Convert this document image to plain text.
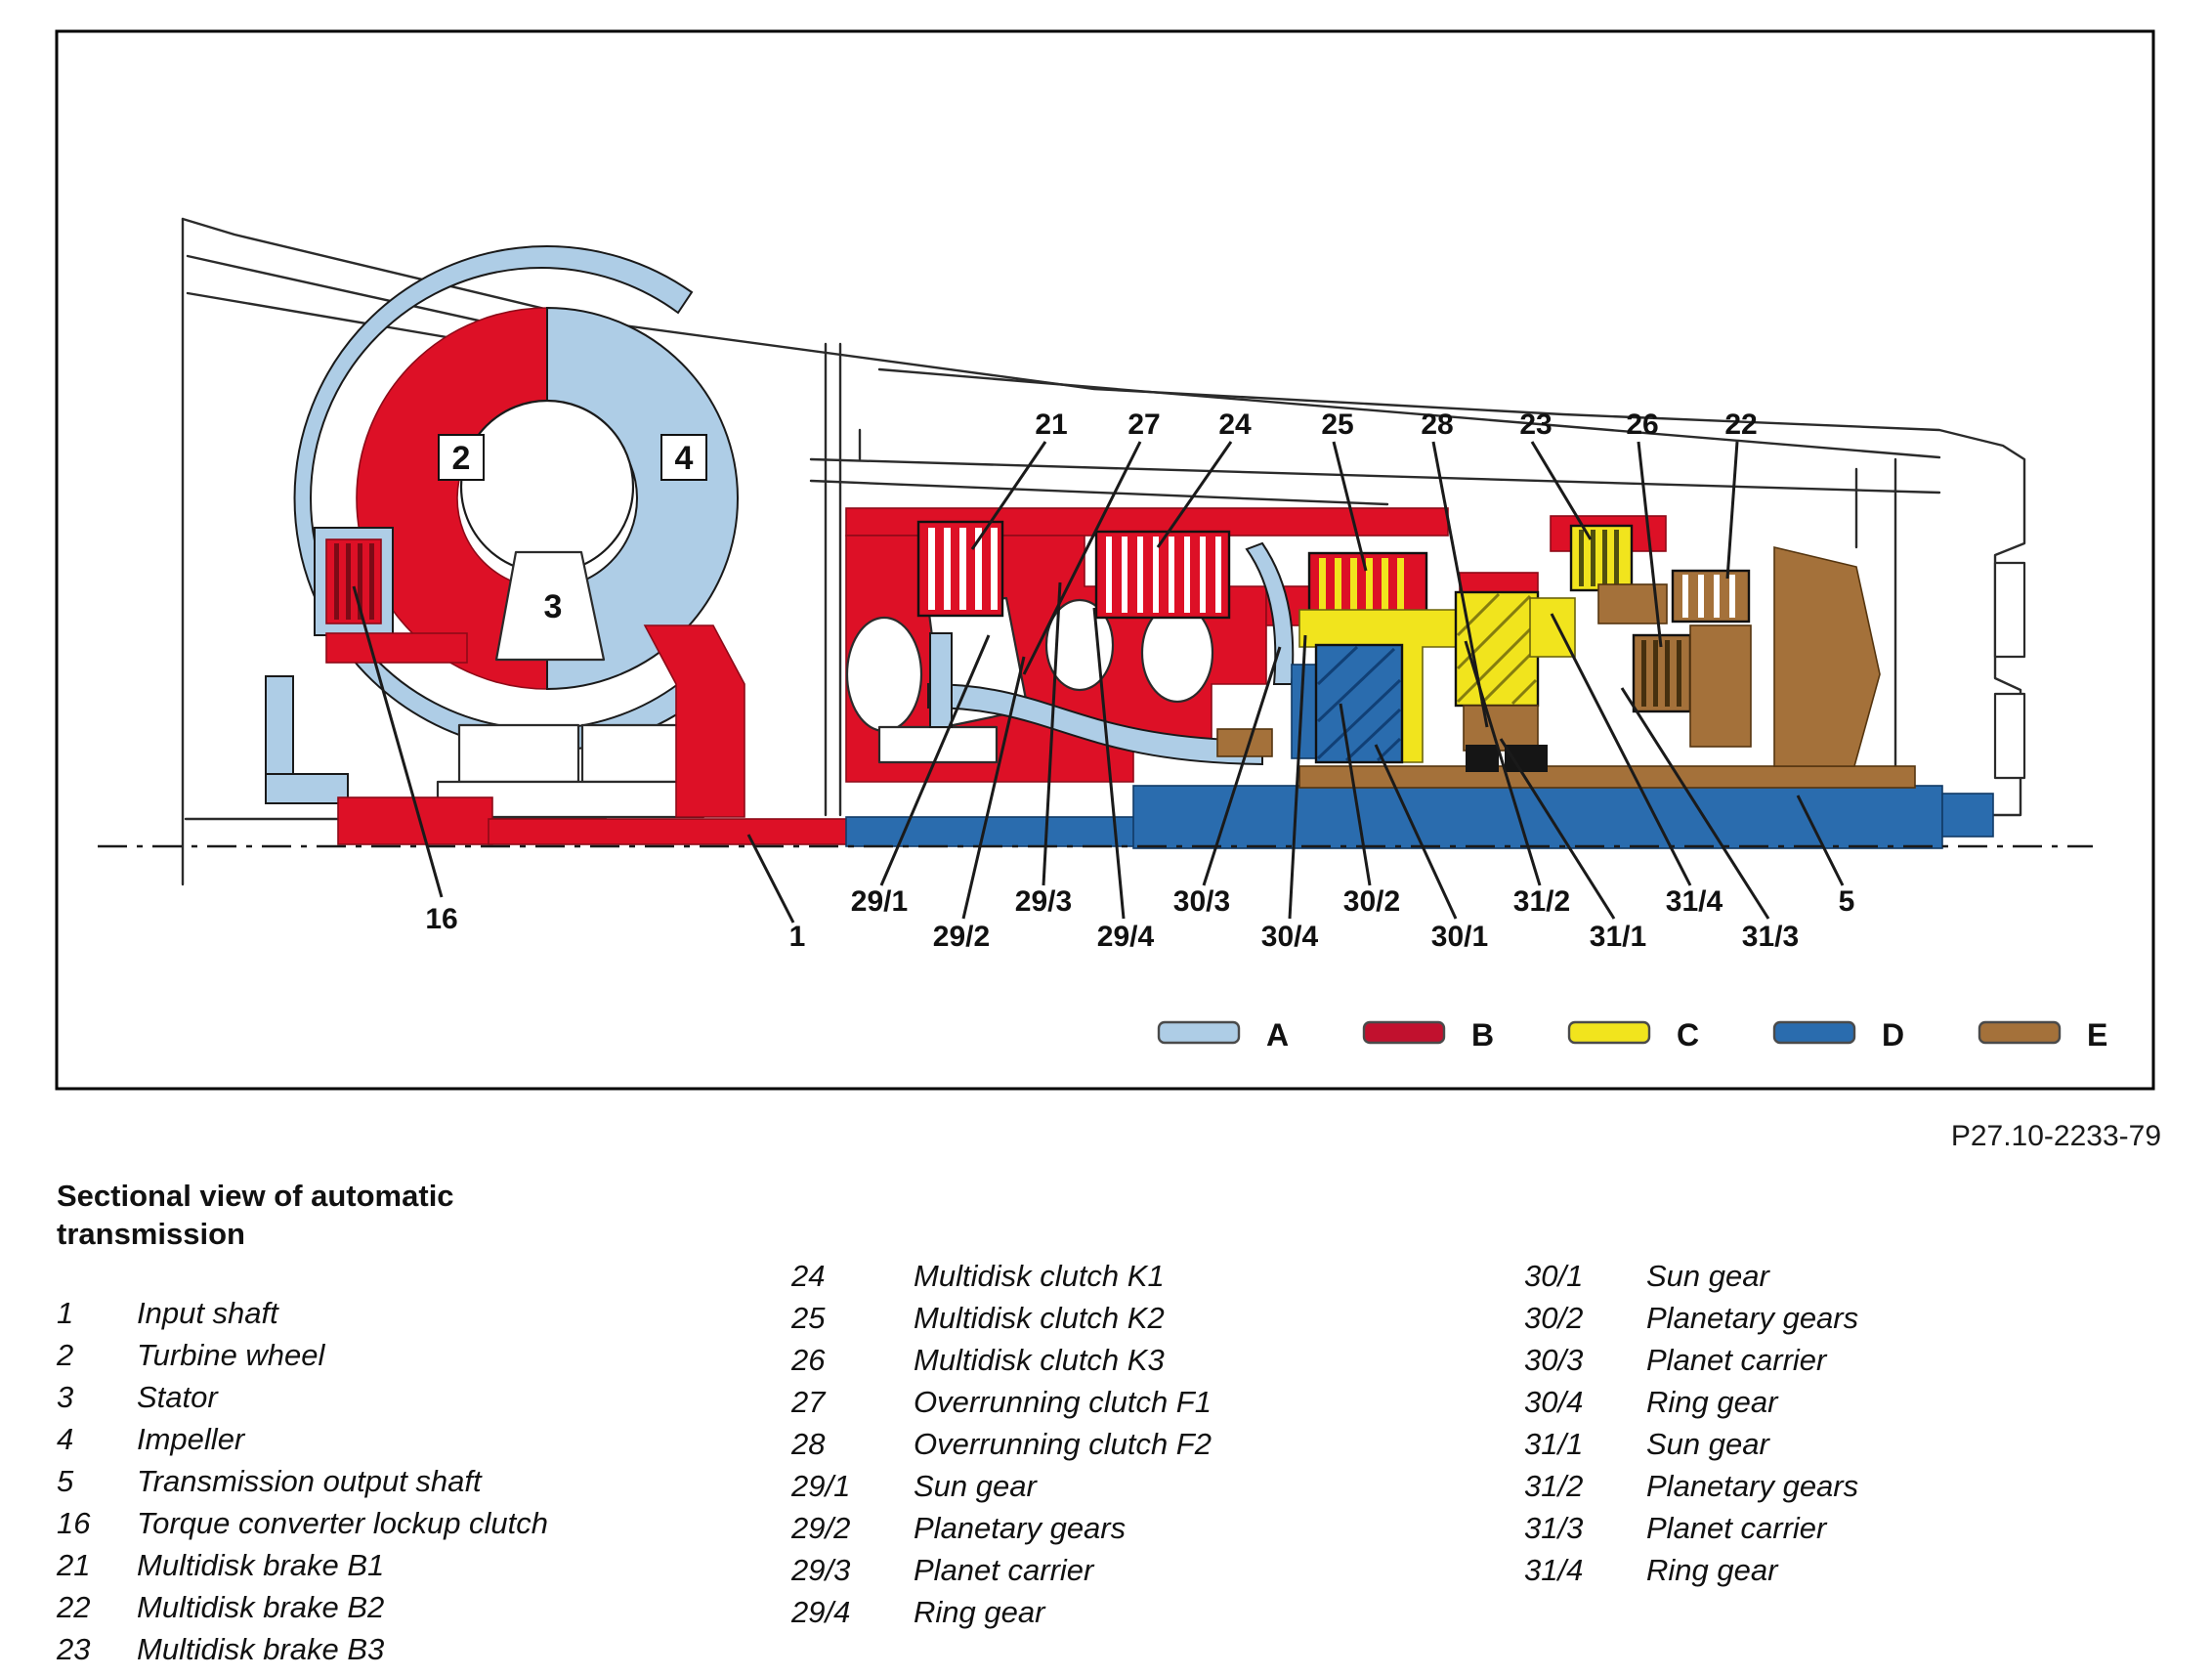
2	4
3
16
21 27 24 25 28 23	26 22
29/1	29/3	30/3	30/2	31/2	31/4	5
1	29/2	29/4	30/4	30/1	31/1	31/3
A	B	C	D	E
P27.10-2233-79
Sectional view of automatic
transmission
1	Input shaft
2	Turbine wheel
3	Stator
4	Impeller
5	Transmission output shaft
16	Torque converter lockup clutch
21	Multidisk brake B1
22	Multidisk brake B2
23	Multidisk brake B3
24	Multidisk clutch K1
25	Multidisk clutch K2
26	Multidisk clutch K3
27	Overrunning clutch F1
28	Overrunning clutch F2
29/1	Sun gear
29/2	Planetary gears
29/3	Planet carrier
29/4	Ring gear
30/1	Sun gear
30/2	Planetary gears
30/3	Planet carrier
30/4	Ring gear
31/1	Sun gear
31/2	Planetary gears
31/3	Planet carrier
31/4	Ring gear
